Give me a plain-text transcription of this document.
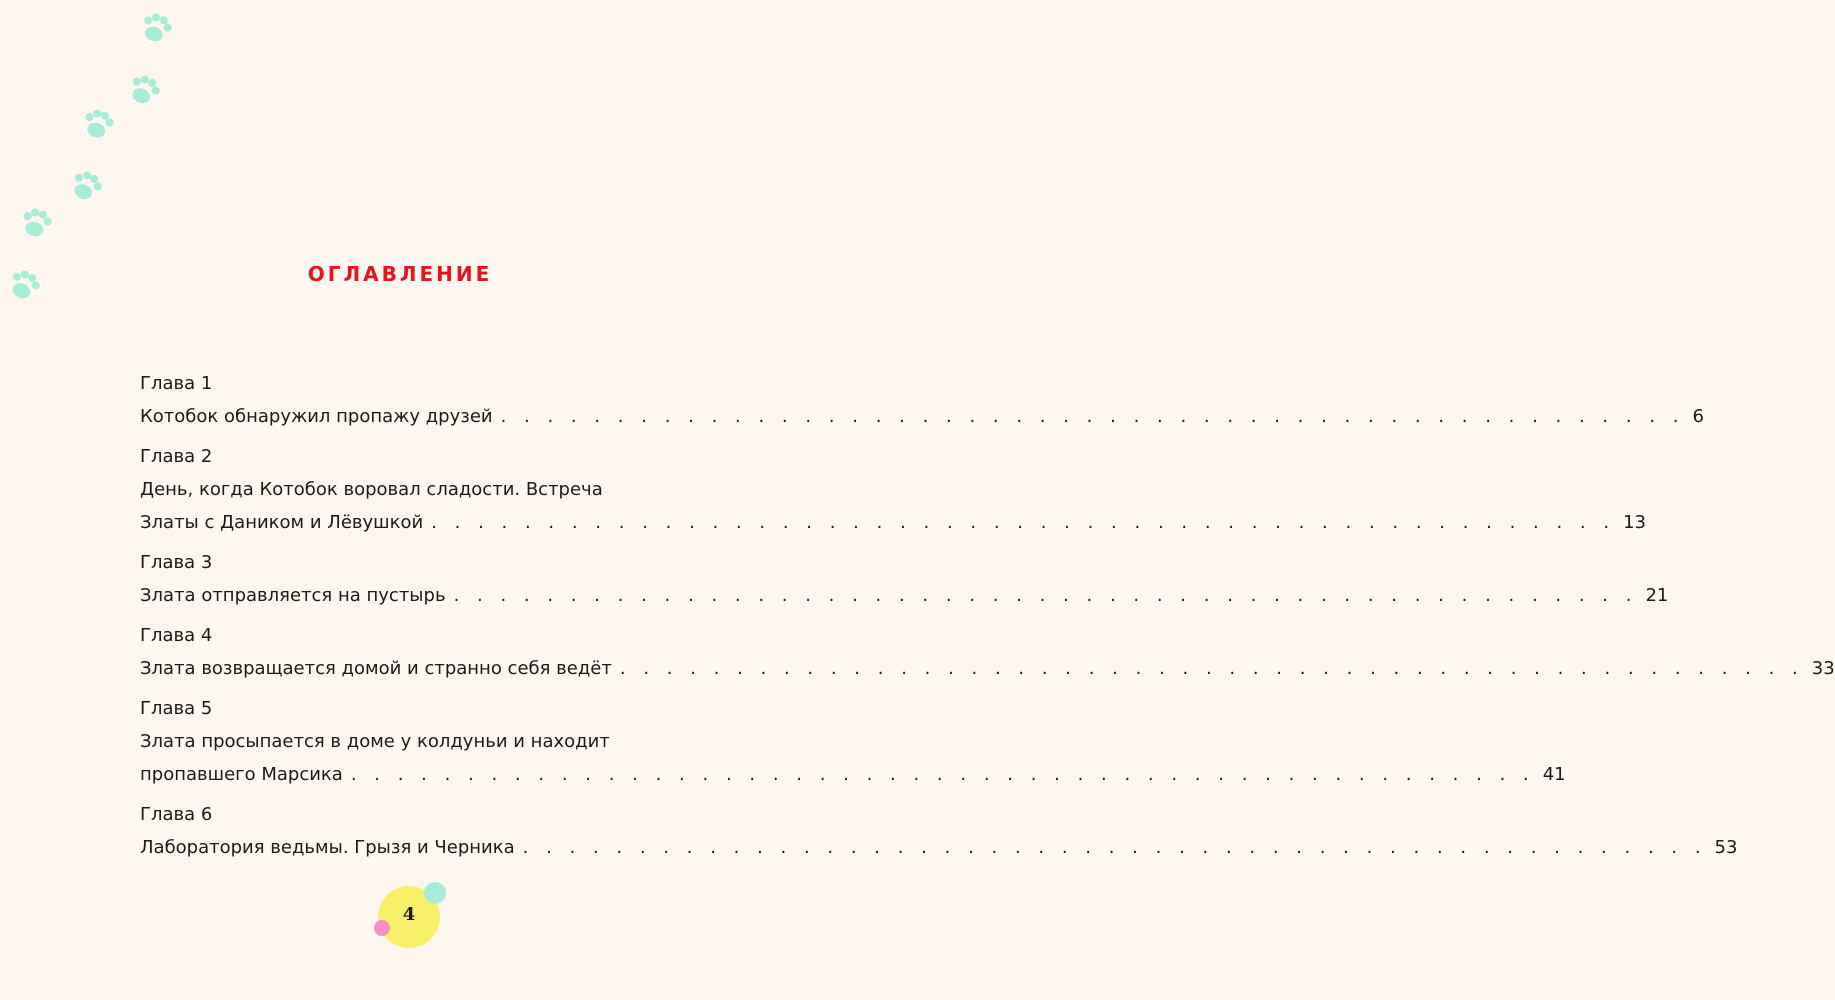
ОГЛАВЛЕНИЕ
Глава 1
Котобок обнаружил пропажу друзей . . . . . . . . . . . . . . . . . . . . . . . . . . . . . . . . . . . . . . . . . . . . . . . . . . . 6
Глава 2
День, когда Котобок воровал сладости. Встреча
Златы с Даником и Лёвушкой . . . . . . . . . . . . . . . . . . . . . . . . . . . . . . . . . . . . . . . . . . . . . . . . . . . 13
Глава 3
Злата отправляется на пустырь . . . . . . . . . . . . . . . . . . . . . . . . . . . . . . . . . . . . . . . . . . . . . . . . . . . 21
Глава 4
Злата возвращается домой и странно себя ведёт . . . . . . . . . . . . . . . . . . . . . . . . . . . . . . . . . . . . . . . . . . . . . . . . . . . 33
Глава 5
Злата просыпается в доме у колдуньи и находит
пропавшего Марсика . . . . . . . . . . . . . . . . . . . . . . . . . . . . . . . . . . . . . . . . . . . . . . . . . . . 41
Глава 6
Лаборатория ведьмы. Грызя и Черника . . . . . . . . . . . . . . . . . . . . . . . . . . . . . . . . . . . . . . . . . . . . . . . . . . . 53
4
